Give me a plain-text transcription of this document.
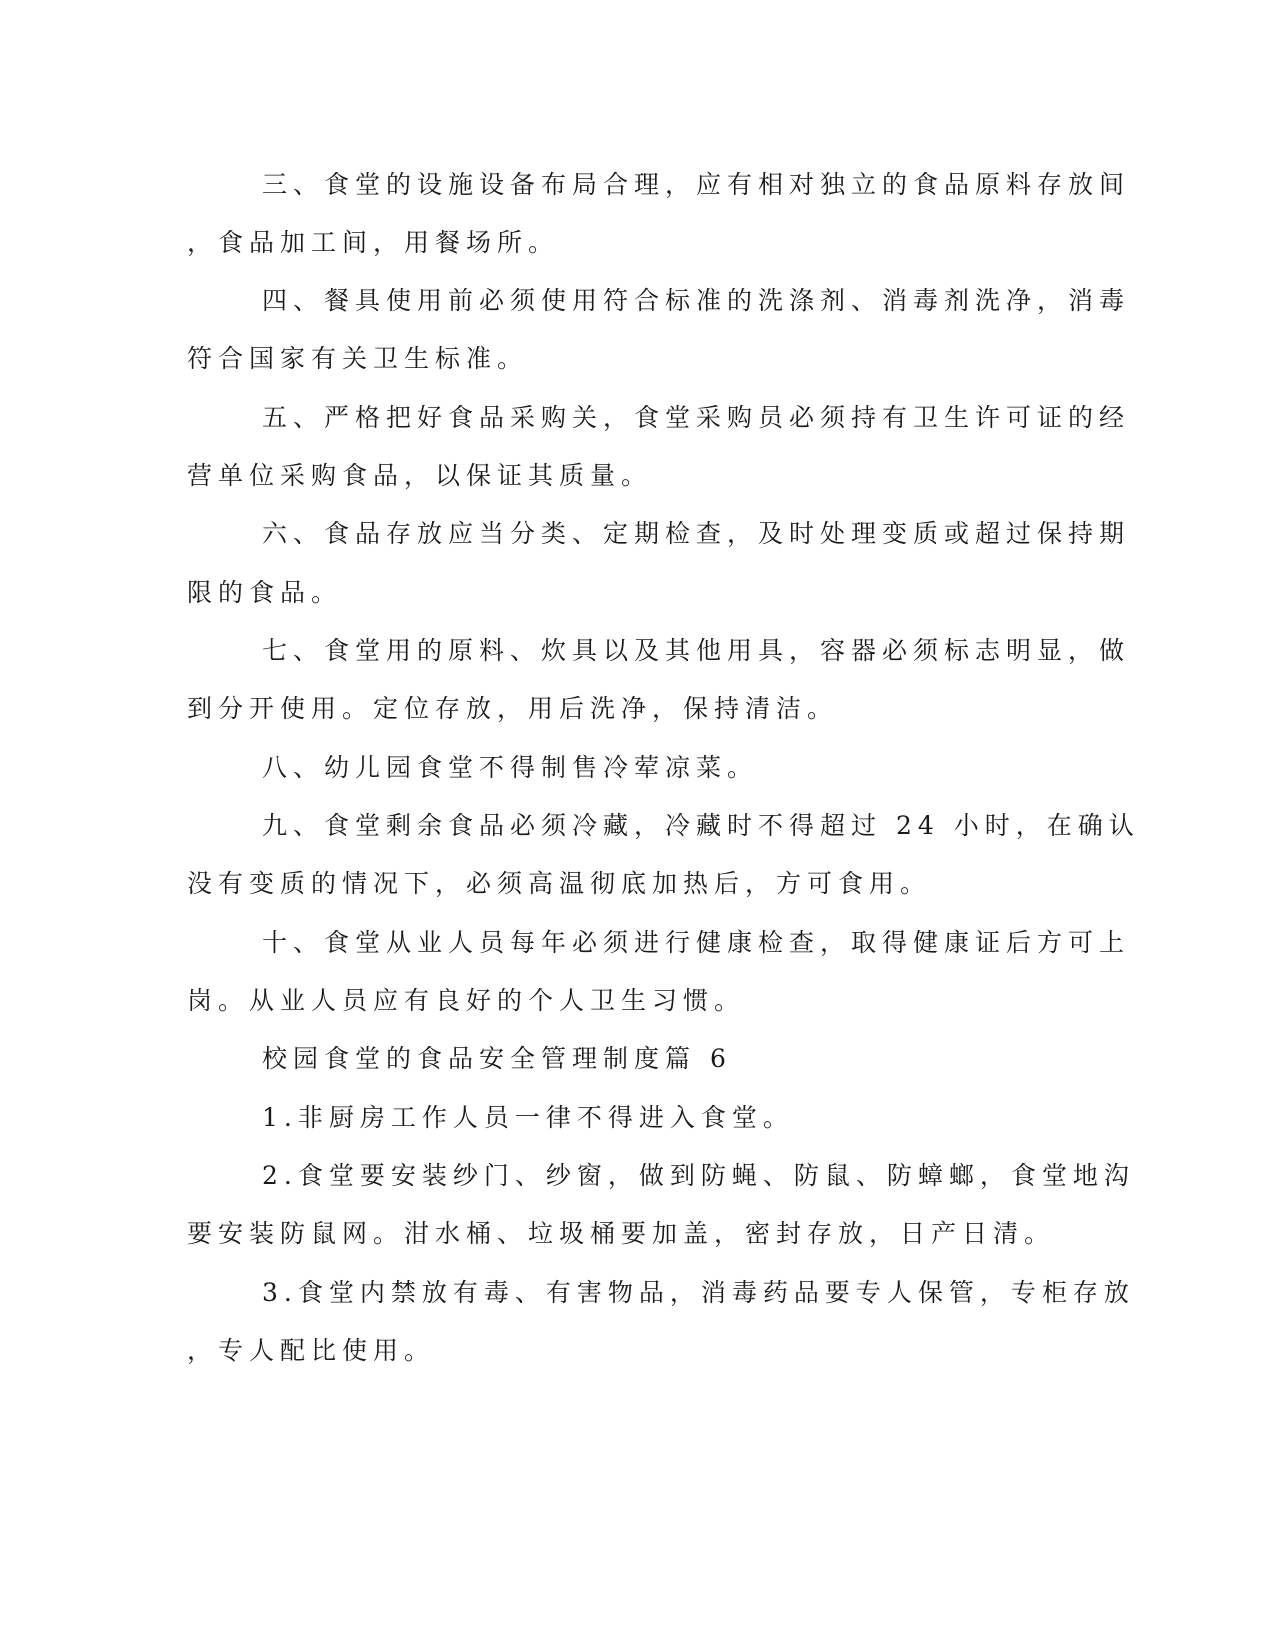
三、食堂的设施设备布局合理，应有相对独立的食品原料存放间
，食品加工间，用餐场所。
四、餐具使用前必须使用符合标准的洗涤剂、消毒剂洗净，消毒
符合国家有关卫生标准。
五、严格把好食品采购关，食堂采购员必须持有卫生许可证的经
营单位采购食品，以保证其质量。
六、食品存放应当分类、定期检查，及时处理变质或超过保持期
限的食品。
七、食堂用的原料、炊具以及其他用具，容器必须标志明显，做
到分开使用。定位存放，用后洗净，保持清洁。
八、幼儿园食堂不得制售冷荤凉菜。
九、食堂剩余食品必须冷藏，冷藏时不得超过 24 小时，在确认
没有变质的情况下，必须高温彻底加热后，方可食用。
十、食堂从业人员每年必须进行健康检查，取得健康证后方可上
岗。从业人员应有良好的个人卫生习惯。
校园食堂的食品安全管理制度篇 6
1.非厨房工作人员一律不得进入食堂。
2.食堂要安装纱门、纱窗，做到防蝇、防鼠、防蟑螂，食堂地沟
要安装防鼠网。泔水桶、垃圾桶要加盖，密封存放，日产日清。
3.食堂内禁放有毒、有害物品，消毒药品要专人保管，专柜存放
，专人配比使用。
